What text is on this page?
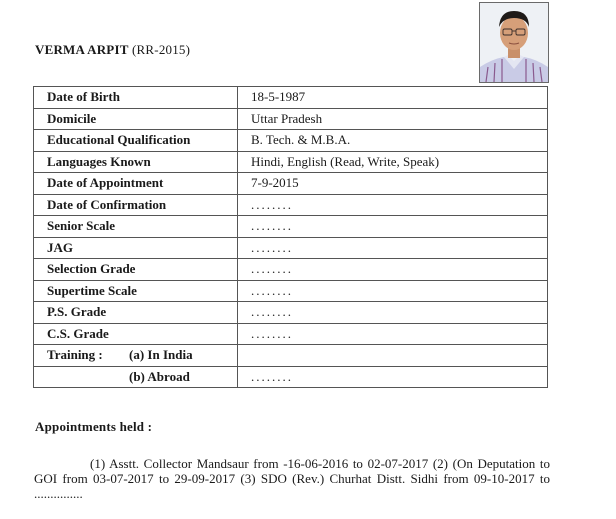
VERMA ARPIT (RR-2015)
Date of Birth	18-5-1987
Domicile	Uttar Pradesh
Educational Qualification	B. Tech. & M.B.A.
Languages Known	Hindi, English (Read, Write, Speak)
Date of Appointment	7-9-2015
Date of Confirmation	........
Senior Scale	........
JAG	........
Selection Grade	........
Supertime Scale	........
P.S. Grade	........
C.S. Grade	........
Training : (a) In India	
(b) Abroad	........
Appointments held :
(1) Asstt. Collector Mandsaur from -16-06-2016 to 02-07-2017 (2) (On Deputation to GOI from 03-07-2017 to 29-09-2017 (3) SDO (Rev.) Churhat Distt. Sidhi from 09-10-2017 to ...............
